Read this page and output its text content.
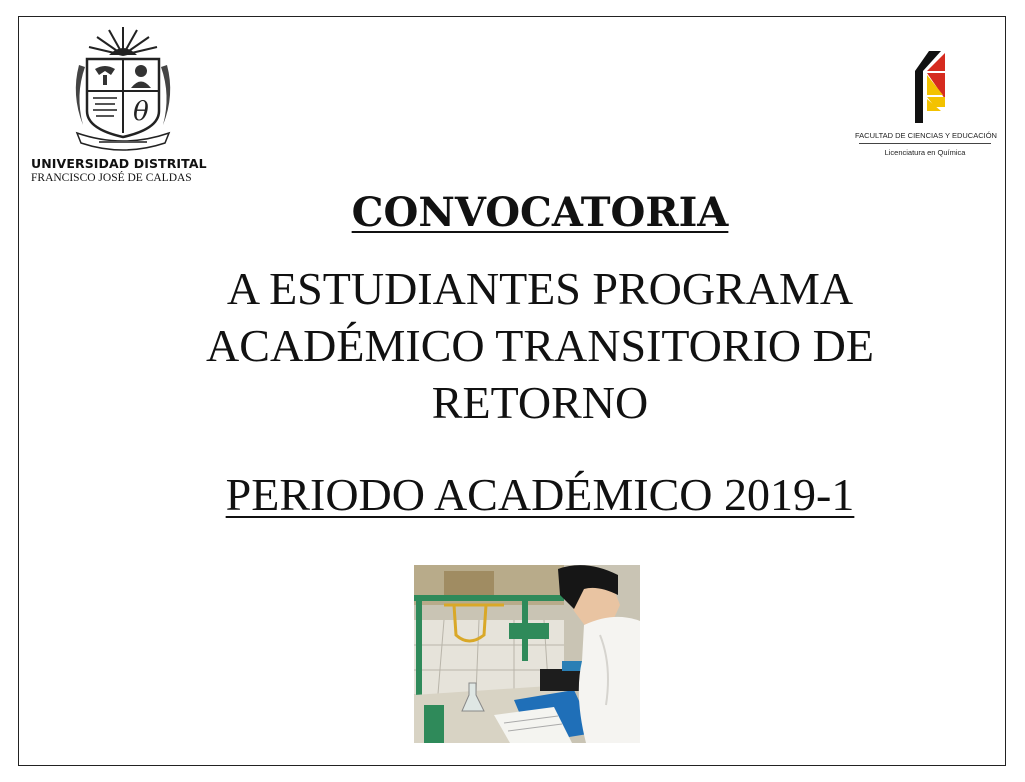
θ
UNIVERSIDAD DISTRITAL
FRANCISCO JOSÉ DE CALDAS
FACULTAD DE CIENCIAS Y EDUCACIÓN
Licenciatura en Química
CONVOCATORIA
A ESTUDIANTES PROGRAMA
ACADÉMICO TRANSITORIO DE
RETORNO
PERIODO ACADÉMICO 2019-1
